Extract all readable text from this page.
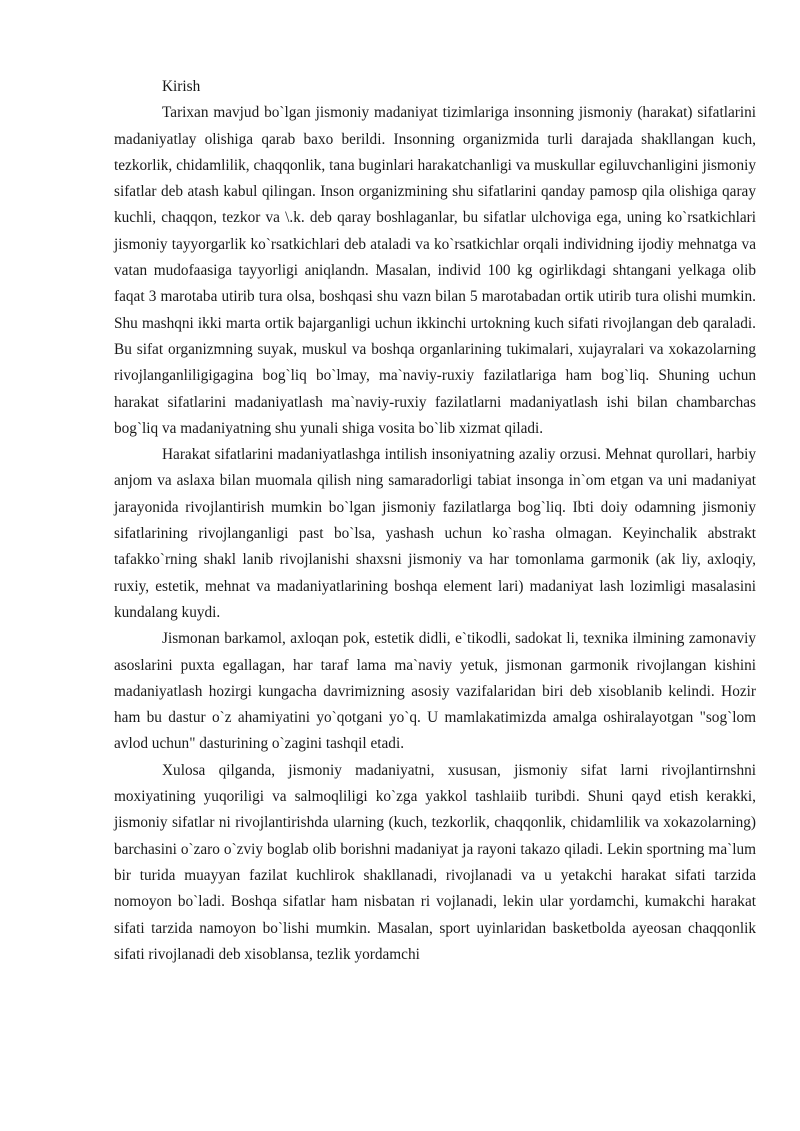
Kirish

Tarixan mavjud bo`lgan jismoniy madaniyat tizimlariga insonning jismoniy (harakat) sifatlarini madaniyatlay olishiga qarab baxo berildi. Insonning organizmida turli darajada shakllangan kuch, tezkorlik, chidamlilik, chaqqonlik, tana buginlari harakatchanligi va muskullar egiluvchanligini jismoniy sifatlar deb atash kabul qilingan. Inson organizmining shu sifatlarini qanday pamosp qila olishiga qaray kuchli, chaqqon, tezkor va \.k. deb qaray boshlaganlar, bu sifatlar ulchoviga ega, uning ko`rsatkichlari jismoniy tayyorgarlik ko`rsatkichlari deb ataladi va ko`rsatkichlar orqali individning ijodiy mehnatga va vatan mudofaasiga tayyorligi aniqlandn. Masalan, individ 100 kg ogirlikdagi shtangani yelkaga olib faqat 3 marotaba utirib tura olsa, boshqasi shu vazn bilan 5 marotabadan ortik utirib tura olishi mumkin. Shu mashqni ikki marta ortik bajarganligi uchun ikkinchi urtokning kuch sifati rivojlangan deb qaraladi. Bu sifat organizmning suyak, muskul va boshqa organlarining tukimalari, xujayralari va xokazolarning rivojlanganliligigagina bog`liq bo`lmay, ma`naviy-ruxiy fazilatlariga ham bog`liq. Shuning uchun harakat sifatlarini madaniyatlash ma`naviy-ruxiy fazilatlarni madaniyatlash ishi bilan chambarchas bog`liq va madaniyatning shu yunali shiga vosita bo`lib xizmat qiladi.

Harakat sifatlarini madaniyatlashga intilish insoniyatning azaliy orzusi. Mehnat qurollari, harbiy anjom va aslaxa bilan muomala qilish ning samaradorligi tabiat insonga in`om etgan va uni madaniyat jarayonida rivojlantirish mumkin bo`lgan jismoniy fazilatlarga bog`liq. Ibti doiy odamning jismoniy sifatlarining rivojlanganligi past bo`lsa, yashash uchun ko`rasha olmagan. Keyinchalik abstrakt tafakko`rning shakl lanib rivojlanishi shaxsni jismoniy va har tomonlama garmonik (ak liy, axloqiy, ruxiy, estetik, mehnat va madaniyatlarining boshqa element lari) madaniyat lash lozimligi masalasini kundalang kuydi.

Jismonan barkamol, axloqan pok, estetik didli, e`tikodli, sadokat li, texnika ilmining zamonaviy asoslarini puxta egallagan, har taraf lama ma`naviy yetuk, jismonan garmonik rivojlangan kishini madaniyatlash hozirgi kungacha davrimizning asosiy vazifalaridan biri deb xisoblanib kelindi. Hozir ham bu dastur o`z ahamiyatini yo`qotgani yo`q. U mamlakatimizda amalga oshiralayotgan "sog`lom avlod uchun" dasturining o`zagini tashqil etadi.

Xulosa qilganda, jismoniy madaniyatni, xususan, jismoniy sifat larni rivojlantirnshni moxiyatining yuqoriligi va salmoqliligi ko`zga yakkol tashlaiib turibdi. Shuni qayd etish kerakki, jismoniy sifatlar ni rivojlantirishda ularning (kuch, tezkorlik, chaqqonlik, chidamlilik va xokazolarning) barchasini o`zaro o`zviy boglab olib borishni madaniyat ja rayoni takazo qiladi. Lekin sportning ma`lum bir turida muayyan fazilat kuchlirok shakllanadi, rivojlanadi va u yetakchi harakat sifati tarzida nomoyon bo`ladi. Boshqa sifatlar ham nisbatan ri vojlanadi, lekin ular yordamchi, kumakchi harakat sifati tarzida namoyon bo`lishi mumkin. Masalan, sport uyinlaridan basketbolda ayeosan chaqqonlik sifati rivojlanadi deb xisoblansa, tezlik yordamchi
